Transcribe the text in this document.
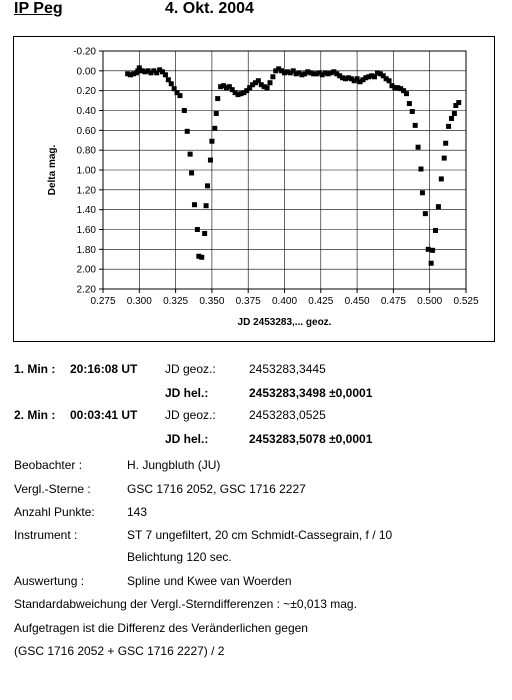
IP Peg	4. Okt. 2004
0.275 0.300 0.325 0.350 0.375 0.400 0.425 0.450 0.475 0.500 0.525
-0.20
0.00
0.20
0.40
0.60
0.80
1.00
1.20
1.40
1.60
1.80
2.00
2.20
JD 2453283,... geoz.
Delta mag.
1. Min : 20:16:08 UT JD geoz.:	2453283,3445
JD hel.:	2453283,3498 ±0,0001
2. Min : 00:03:41 UT JD geoz.:	2453283,0525
JD hel.:	2453283,5078 ±0,0001
Beobachter :	H. Jungbluth (JU)
Vergl.-Sterne :	GSC 1716 2052, GSC 1716 2227
Anzahl Punkte:	143
Instrument :	ST 7 ungefiltert, 20 cm Schmidt-Cassegrain, f / 10
Belichtung 120 sec.
Auswertung :	Spline und Kwee van Woerden
Standardabweichung der Vergl.-Sterndifferenzen : ~±0,013 mag.
Aufgetragen ist die Differenz des Veränderlichen gegen
(GSC 1716 2052 + GSC 1716 2227) / 2
